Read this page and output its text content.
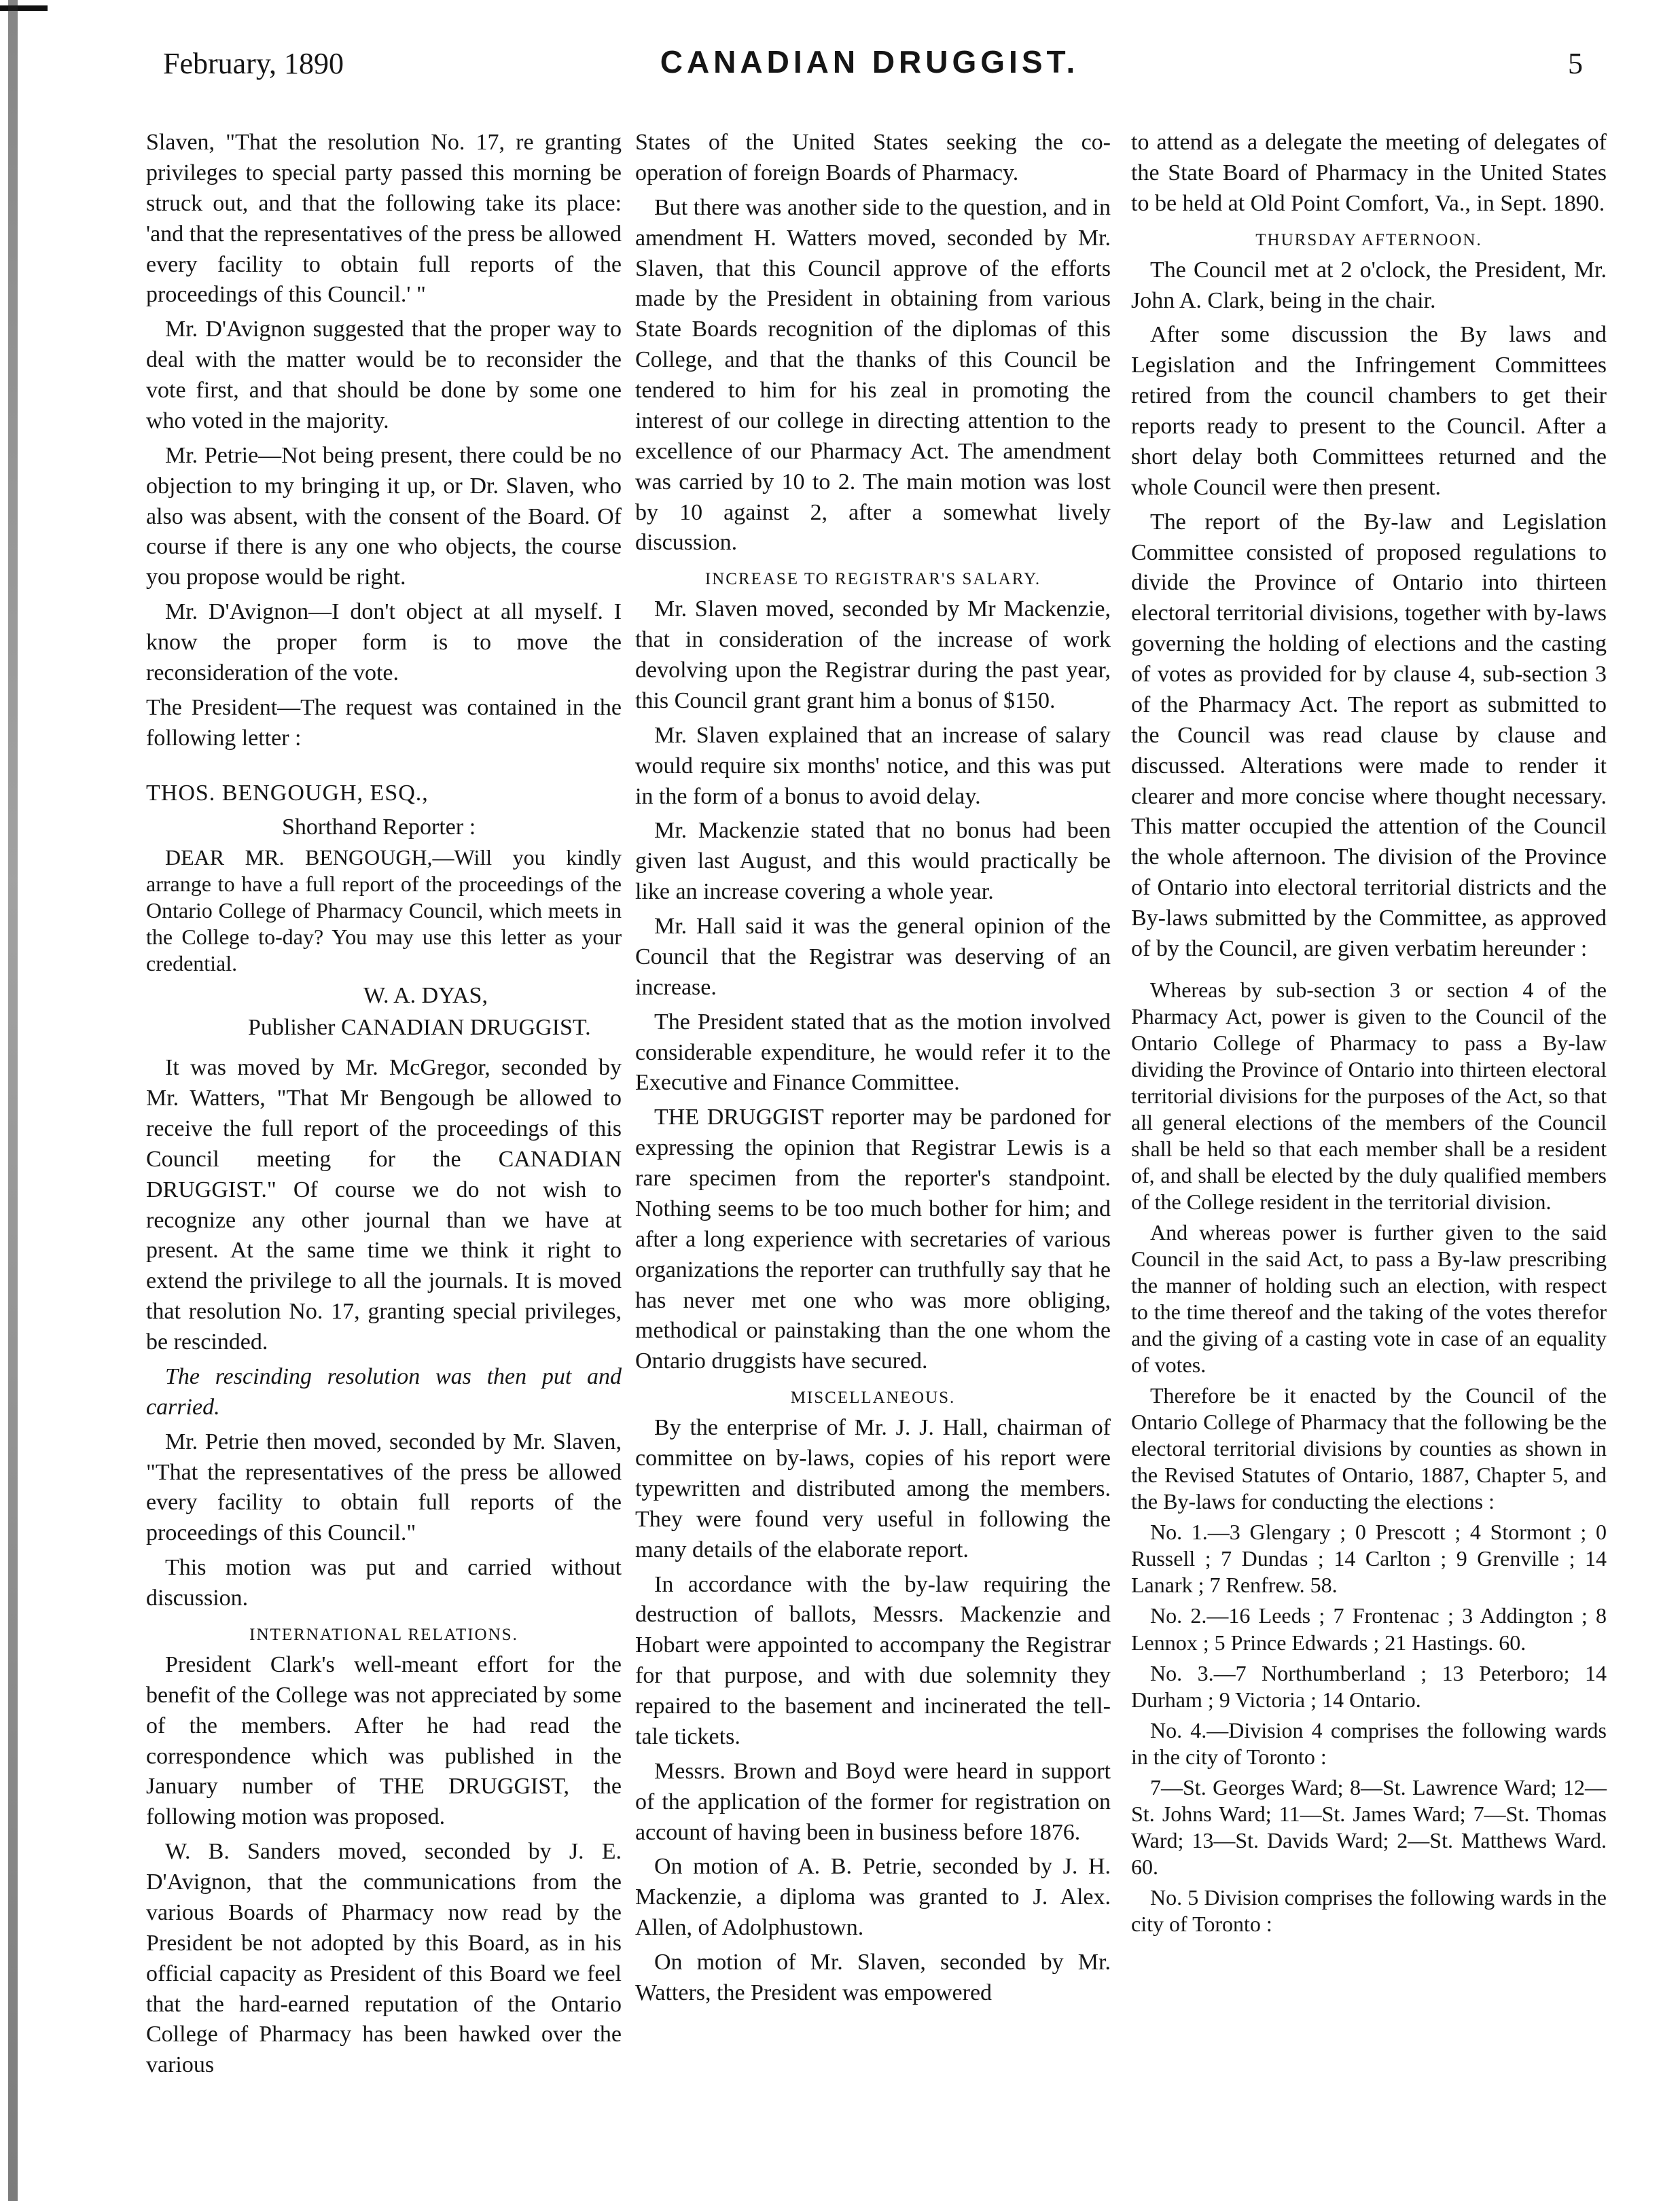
February, 1890	CANADIAN DRUGGIST.	5

Slaven, "That the resolution No. 17, re granting privileges to special party passed this morning be struck out, and that the following take its place: 'and that the representatives of the press be allowed every facility to obtain full reports of the proceedings of this Council.' "

Mr. D'Avignon suggested that the proper way to deal with the matter would be to reconsider the vote first, and that should be done by some one who voted in the majority.

Mr. Petrie—Not being present, there could be no objection to my bringing it up, or Dr. Slaven, who also was absent, with the consent of the Board. Of course if there is any one who objects, the course you propose would be right.

Mr. D'Avignon—I don't object at all myself. I know the proper form is to move the reconsideration of the vote.

The President—The request was contained in the following letter :

THOS. BENGOUGH, ESQ.,

Shorthand Reporter :

DEAR MR. BENGOUGH,—Will you kindly arrange to have a full report of the proceedings of the Ontario College of Pharmacy Council, which meets in the College to-day? You may use this letter as your credential.

W. A. DYAS,

Publisher CANADIAN DRUGGIST.

It was moved by Mr. McGregor, seconded by Mr. Watters, "That Mr Bengough be allowed to receive the full report of the proceedings of this Council meeting for the CANADIAN DRUGGIST." Of course we do not wish to recognize any other journal than we have at present. At the same time we think it right to extend the privilege to all the journals. It is moved that resolution No. 17, granting special privileges, be rescinded.

The rescinding resolution was then put and carried.

Mr. Petrie then moved, seconded by Mr. Slaven, "That the representatives of the press be allowed every facility to obtain full reports of the proceedings of this Council."

This motion was put and carried without discussion.

INTERNATIONAL RELATIONS.

President Clark's well-meant effort for the benefit of the College was not appreciated by some of the members. After he had read the correspondence which was published in the January number of THE DRUGGIST, the following motion was proposed.

W. B. Sanders moved, seconded by J. E. D'Avignon, that the communications from the various Boards of Pharmacy now read by the President be not adopted by this Board, as in his official capacity as President of this Board we feel that the hard-earned reputation of the Ontario College of Pharmacy has been hawked over the various

States of the United States seeking the co-operation of foreign Boards of Pharmacy.

But there was another side to the question, and in amendment H. Watters moved, seconded by Mr. Slaven, that this Council approve of the efforts made by the President in obtaining from various State Boards recognition of the diplomas of this College, and that the thanks of this Council be tendered to him for his zeal in promoting the interest of our college in directing attention to the excellence of our Pharmacy Act. The amendment was carried by 10 to 2. The main motion was lost by 10 against 2, after a somewhat lively discussion.

INCREASE TO REGISTRAR'S SALARY.

Mr. Slaven moved, seconded by Mr Mackenzie, that in consideration of the increase of work devolving upon the Registrar during the past year, this Council grant grant him a bonus of $150.

Mr. Slaven explained that an increase of salary would require six months' notice, and this was put in the form of a bonus to avoid delay.

Mr. Mackenzie stated that no bonus had been given last August, and this would practically be like an increase covering a whole year.

Mr. Hall said it was the general opinion of the Council that the Registrar was deserving of an increase.

The President stated that as the motion involved considerable expenditure, he would refer it to the Executive and Finance Committee.

THE DRUGGIST reporter may be pardoned for expressing the opinion that Registrar Lewis is a rare specimen from the reporter's standpoint. Nothing seems to be too much bother for him; and after a long experience with secretaries of various organizations the reporter can truthfully say that he has never met one who was more obliging, methodical or painstaking than the one whom the Ontario druggists have secured.

MISCELLANEOUS.

By the enterprise of Mr. J. J. Hall, chairman of committee on by-laws, copies of his report were typewritten and distributed among the members. They were found very useful in following the many details of the elaborate report.

In accordance with the by-law requiring the destruction of ballots, Messrs. Mackenzie and Hobart were appointed to accompany the Registrar for that purpose, and with due solemnity they repaired to the basement and incinerated the tell-tale tickets.

Messrs. Brown and Boyd were heard in support of the application of the former for registration on account of having been in business before 1876.

On motion of A. B. Petrie, seconded by J. H. Mackenzie, a diploma was granted to J. Alex. Allen, of Adolphustown.

On motion of Mr. Slaven, seconded by Mr. Watters, the President was empowered

to attend as a delegate the meeting of delegates of the State Board of Pharmacy in the United States to be held at Old Point Comfort, Va., in Sept. 1890.

THURSDAY AFTERNOON.

The Council met at 2 o'clock, the President, Mr. John A. Clark, being in the chair.

After some discussion the By laws and Legislation and the Infringement Committees retired from the council chambers to get their reports ready to present to the Council. After a short delay both Committees returned and the whole Council were then present.

The report of the By-law and Legislation Committee consisted of proposed regulations to divide the Province of Ontario into thirteen electoral territorial divisions, together with by-laws governing the holding of elections and the casting of votes as provided for by clause 4, sub-section 3 of the Pharmacy Act. The report as submitted to the Council was read clause by clause and discussed. Alterations were made to render it clearer and more concise where thought necessary. This matter occupied the attention of the Council the whole afternoon. The division of the Province of Ontario into electoral territorial districts and the By-laws submitted by the Committee, as approved of by the Council, are given verbatim hereunder :

Whereas by sub-section 3 or section 4 of the Pharmacy Act, power is given to the Council of the Ontario College of Pharmacy to pass a By-law dividing the Province of Ontario into thirteen electoral territorial divisions for the purposes of the Act, so that all general elections of the members of the Council shall be held so that each member shall be a resident of, and shall be elected by the duly qualified members of the College resident in the territorial division.

And whereas power is further given to the said Council in the said Act, to pass a By-law prescribing the manner of holding such an election, with respect to the time thereof and the taking of the votes therefor and the giving of a casting vote in case of an equality of votes.

Therefore be it enacted by the Council of the Ontario College of Pharmacy that the following be the electoral territorial divisions by counties as shown in the Revised Statutes of Ontario, 1887, Chapter 5, and the By-laws for conducting the elections :

No. 1.—3 Glengary ; 0 Prescott ; 4 Stormont ; 0 Russell ; 7 Dundas ; 14 Carlton ; 9 Grenville ; 14 Lanark ; 7 Renfrew. 58.

No. 2.—16 Leeds ; 7 Frontenac ; 3 Addington ; 8 Lennox ; 5 Prince Edwards ; 21 Hastings. 60.

No. 3.—7 Northumberland ; 13 Peterboro; 14 Durham ; 9 Victoria ; 14 Ontario.

No. 4.—Division 4 comprises the following wards in the city of Toronto :

7—St. Georges Ward; 8—St. Lawrence Ward; 12—St. Johns Ward; 11—St. James Ward; 7—St. Thomas Ward; 13—St. Davids Ward; 2—St. Matthews Ward. 60.

No. 5 Division comprises the following wards in the city of Toronto :
